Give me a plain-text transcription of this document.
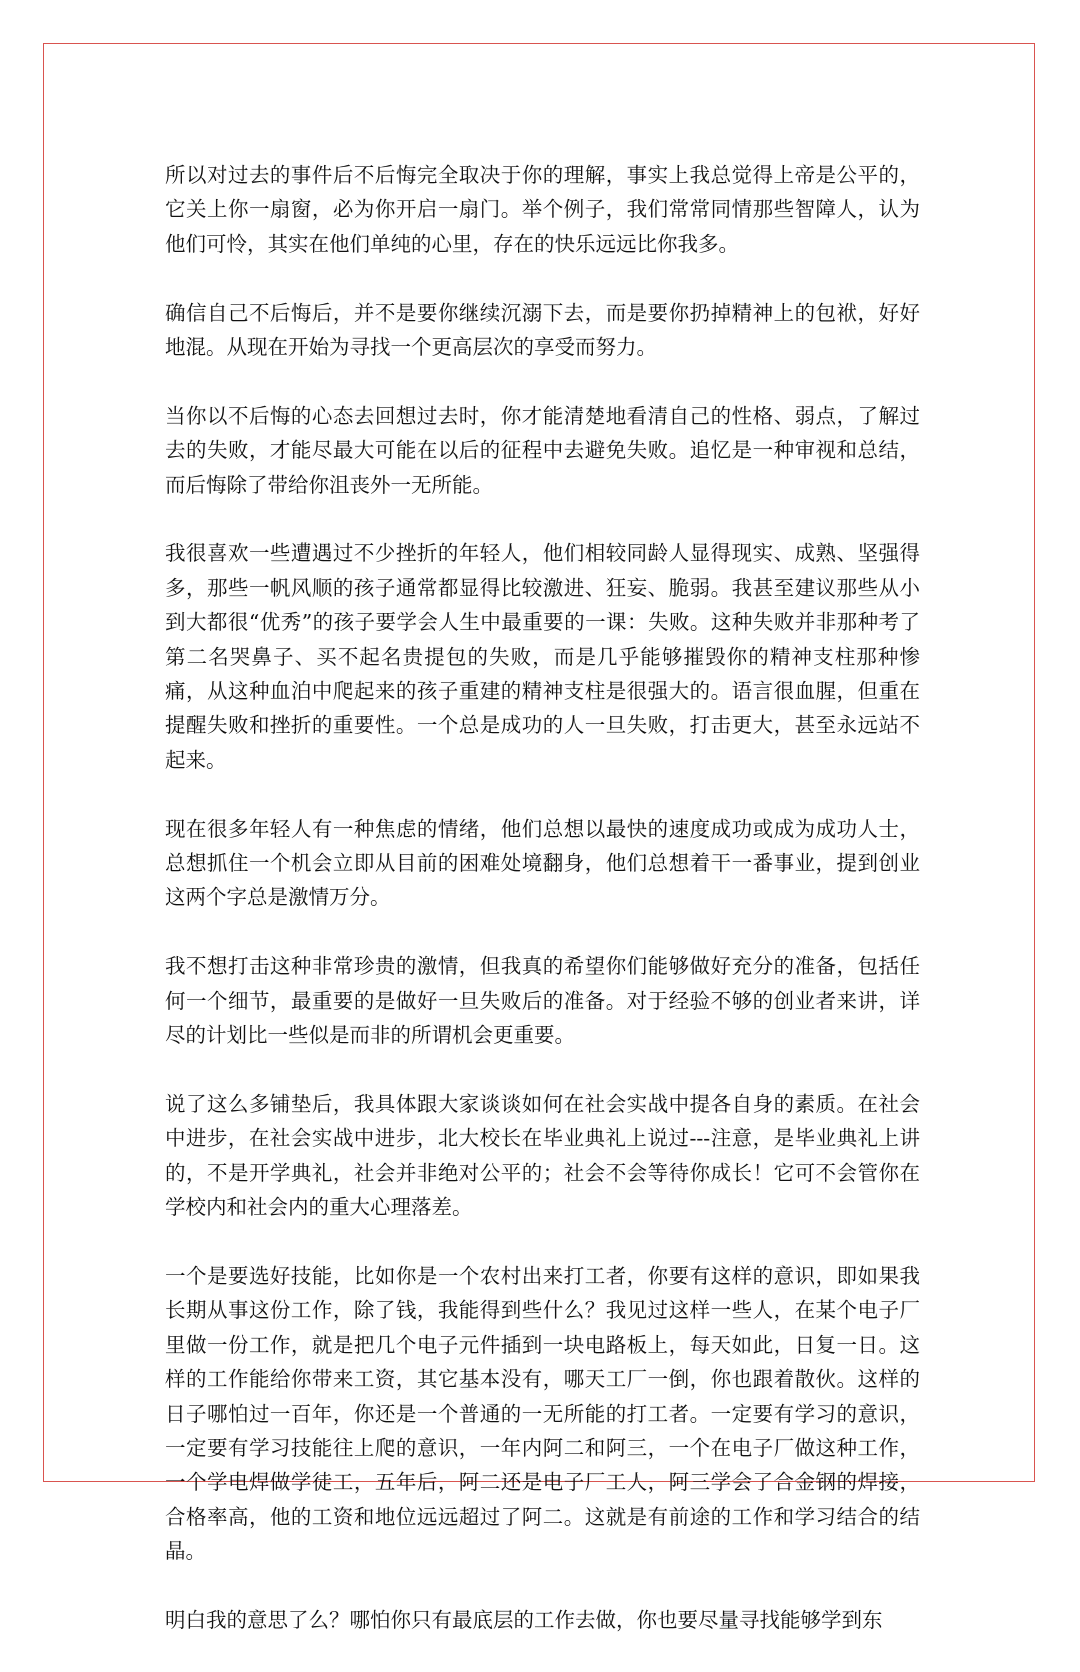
所以对过去的事件后不后悔完全取决于你的理解，事实上我总觉得上帝是公平的，它关上你一扇窗，必为你开启一扇门。举个例子，我们常常同情那些智障人，认为他们可怜，其实在他们单纯的心里，存在的快乐远远比你我多。

确信自己不后悔后，并不是要你继续沉溺下去，而是要你扔掉精神上的包袱，好好地混。从现在开始为寻找一个更高层次的享受而努力。

当你以不后悔的心态去回想过去时，你才能清楚地看清自己的性格、弱点，了解过去的失败，才能尽最大可能在以后的征程中去避免失败。追忆是一种审视和总结，而后悔除了带给你沮丧外一无所能。

我很喜欢一些遭遇过不少挫折的年轻人，他们相较同龄人显得现实、成熟、坚强得多，那些一帆风顺的孩子通常都显得比较激进、狂妄、脆弱。我甚至建议那些从小到大都很“优秀”的孩子要学会人生中最重要的一课：失败。这种失败并非那种考了第二名哭鼻子、买不起名贵提包的失败，而是几乎能够摧毁你的精神支柱那种惨痛，从这种血泊中爬起来的孩子重建的精神支柱是很强大的。语言很血腥，但重在提醒失败和挫折的重要性。一个总是成功的人一旦失败，打击更大，甚至永远站不起来。

现在很多年轻人有一种焦虑的情绪，他们总想以最快的速度成功或成为成功人士，总想抓住一个机会立即从目前的困难处境翻身，他们总想着干一番事业，提到创业这两个字总是激情万分。

我不想打击这种非常珍贵的激情，但我真的希望你们能够做好充分的准备，包括任何一个细节，最重要的是做好一旦失败后的准备。对于经验不够的创业者来讲，详尽的计划比一些似是而非的所谓机会更重要。

说了这么多铺垫后，我具体跟大家谈谈如何在社会实战中提各自身的素质。在社会中进步，在社会实战中进步，北大校长在毕业典礼上说过---注意，是毕业典礼上讲的，不是开学典礼，社会并非绝对公平的；社会不会等待你成长！它可不会管你在学校内和社会内的重大心理落差。

一个是要选好技能，比如你是一个农村出来打工者，你要有这样的意识，即如果我长期从事这份工作，除了钱，我能得到些什么？我见过这样一些人，在某个电子厂里做一份工作，就是把几个电子元件插到一块电路板上，每天如此，日复一日。这样的工作能给你带来工资，其它基本没有，哪天工厂一倒，你也跟着散伙。这样的日子哪怕过一百年，你还是一个普通的一无所能的打工者。一定要有学习的意识，一定要有学习技能往上爬的意识，一年内阿二和阿三，一个在电子厂做这种工作，一个学电焊做学徒工，五年后，阿二还是电子厂工人，阿三学会了合金钢的焊接，合格率高，他的工资和地位远远超过了阿二。这就是有前途的工作和学习结合的结晶。

明白我的意思了么？哪怕你只有最底层的工作去做，你也要尽量寻找能够学到东
